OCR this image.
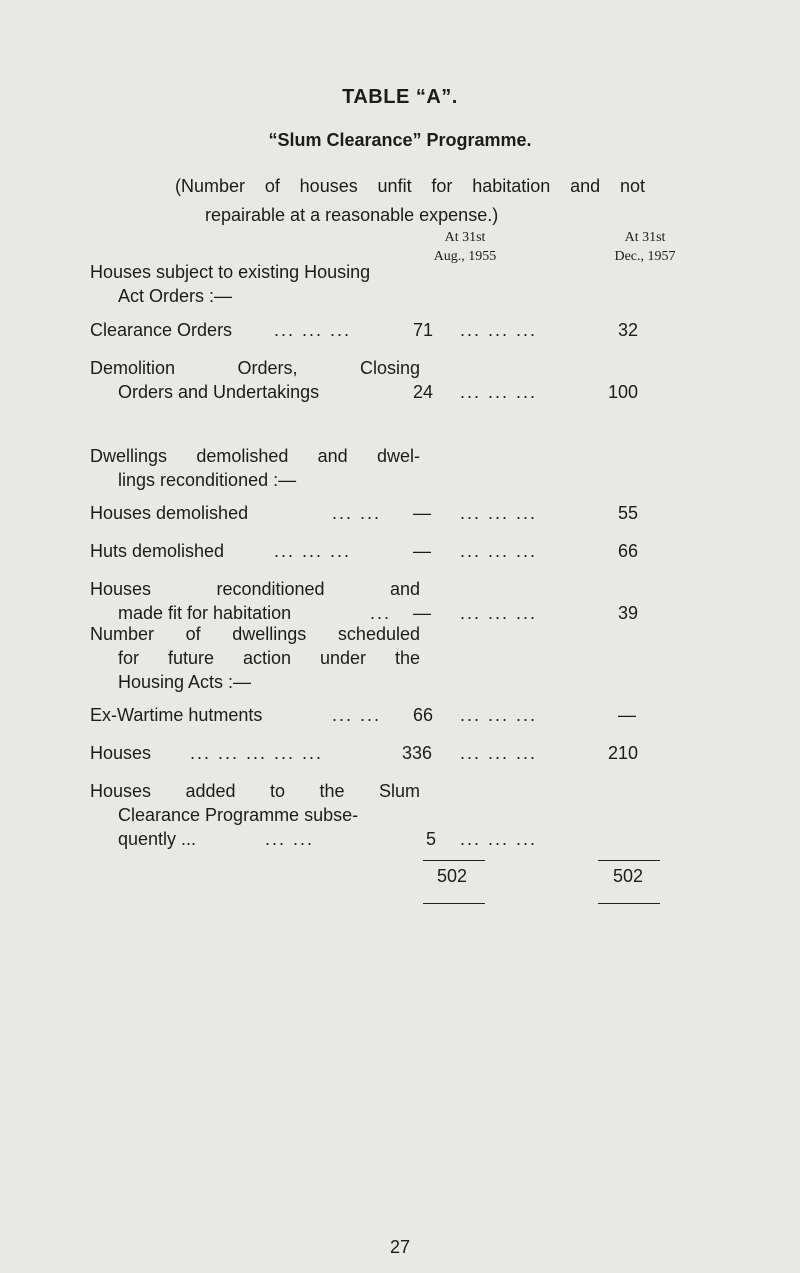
TABLE “A”.
“Slum Clearance” Programme.
(Number of houses unfit for habitation and not
repairable at a reasonable expense.)
At 31st
Aug., 1955
At 31st
Dec., 1957
Houses subject to existing Housing
Act Orders :—
Clearance Orders ... ... ...	71 ... ... ...	32
Demolition Orders, Closing
Orders and Undertakings	24 ... ... ...	100
Dwellings demolished and dwel-
lings reconditioned :—
Houses demolished	... ... — ... ... ...	55
Huts demolished	... ... ...	— ... ... ...	66
Houses reconditioned and
made fit for habitation	... — ... ... ...	39
Number of dwellings scheduled
for future action under the
Housing Acts :—
Ex-Wartime hutments	... ... 66 ... ... ...	—
Houses ... ... ... ... ...	336 ... ... ...	210
Houses added to the Slum
Clearance Programme subse-
quently ...	... ...	5 ... ... ...
502	502
27
